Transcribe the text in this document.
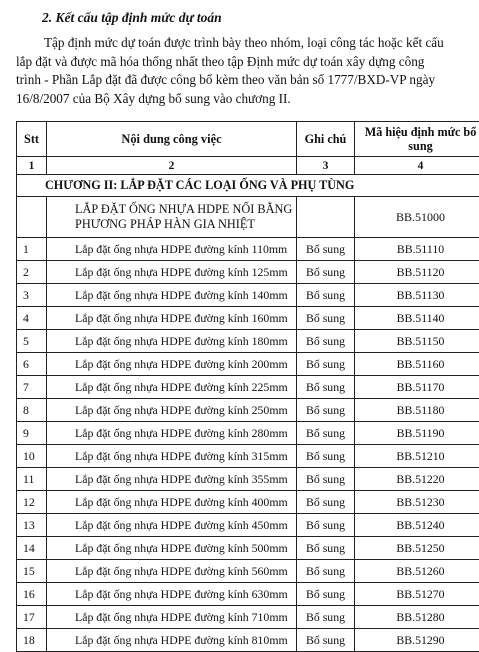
2. Kết cấu tập định mức dự toán
Tập định mức dự toán được trình bày theo nhóm, loại công tác hoặc kết cấu
lắp đặt và được mã hóa thống nhất theo tập Định mức dự toán xây dựng công
trình - Phần Lắp đặt đã được công bố kèm theo văn bản số 1777/BXD-VP ngày
16/8/2007 của Bộ Xây dựng bổ sung vào chương II.
Stt	Nội dung công việc	Ghi chú	Mã hiệu định mức bổ sung
1	2	3	4
CHƯƠNG II: LẮP ĐẶT CÁC LOẠI ỐNG VÀ PHỤ TÙNG			
	LẮP ĐẶT ỐNG NHỰA HDPE NỐI BẰNG
PHƯƠNG PHÁP HÀN GIA NHIỆT		BB.51000
1	Lắp đặt ống nhựa HDPE đường kính 110mm	Bổ sung	BB.51110
2	Lắp đặt ống nhựa HDPE đường kính 125mm	Bổ sung	BB.51120
3	Lắp đặt ống nhựa HDPE đường kính 140mm	Bổ sung	BB.51130
4	Lắp đặt ống nhựa HDPE đường kính 160mm	Bổ sung	BB.51140
5	Lắp đặt ống nhựa HDPE đường kính 180mm	Bổ sung	BB.51150
6	Lắp đặt ống nhựa HDPE đường kính 200mm	Bổ sung	BB.51160
7	Lắp đặt ống nhựa HDPE đường kính 225mm	Bổ sung	BB.51170
8	Lắp đặt ống nhựa HDPE đường kính 250mm	Bổ sung	BB.51180
9	Lắp đặt ống nhựa HDPE đường kính 280mm	Bổ sung	BB.51190
10	Lắp đặt ống nhựa HDPE đường kính 315mm	Bổ sung	BB.51210
11	Lắp đặt ống nhựa HDPE đường kính 355mm	Bổ sung	BB.51220
12	Lắp đặt ống nhựa HDPE đường kính 400mm	Bổ sung	BB.51230
13	Lắp đặt ống nhựa HDPE đường kính 450mm	Bổ sung	BB.51240
14	Lắp đặt ống nhựa HDPE đường kính 500mm	Bổ sung	BB.51250
15	Lắp đặt ống nhựa HDPE đường kính 560mm	Bổ sung	BB.51260
16	Lắp đặt ống nhựa HDPE đường kính 630mm	Bổ sung	BB.51270
17	Lắp đặt ống nhựa HDPE đường kính 710mm	Bổ sung	BB.51280
18	Lắp đặt ống nhựa HDPE đường kính 810mm	Bổ sung	BB.51290
